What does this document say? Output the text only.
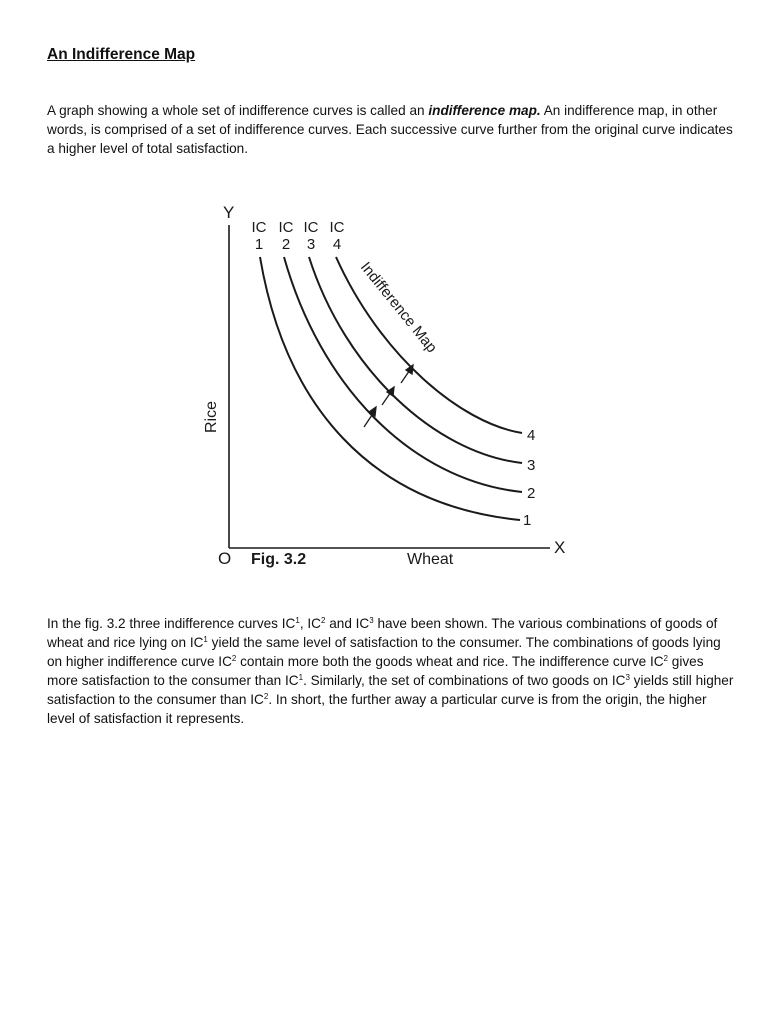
An Indifference Map

A graph showing a whole set of indifference curves is called an indifference map. An indifference map, in other words, is comprised of a set of indifference curves. Each successive curve further from the original curve indicates a higher level of total satisfaction.

Y
X
O Fig. 3.2	Wheat
Rice
IC
1
IC
2
IC
3
IC
4
1
2
3
4
Indifference Map

In the fig. 3.2 three indifference curves $IC^1$, $IC^2$ and $IC^3$ have been shown. The various combinations of goods of wheat and rice lying on $IC^1$ yield the same level of satisfaction to the consumer. The combinations of goods lying on higher indifference curve $IC^2$ contain more both the goods wheat and rice. The indifference curve $IC^2$ gives more satisfaction to the consumer than $IC^1$. Similarly, the set of combinations of two goods on $IC^3$ yields still higher satisfaction to the consumer than $IC^2$. In short, the further away a particular curve is from the origin, the higher level of satisfaction it represents.
